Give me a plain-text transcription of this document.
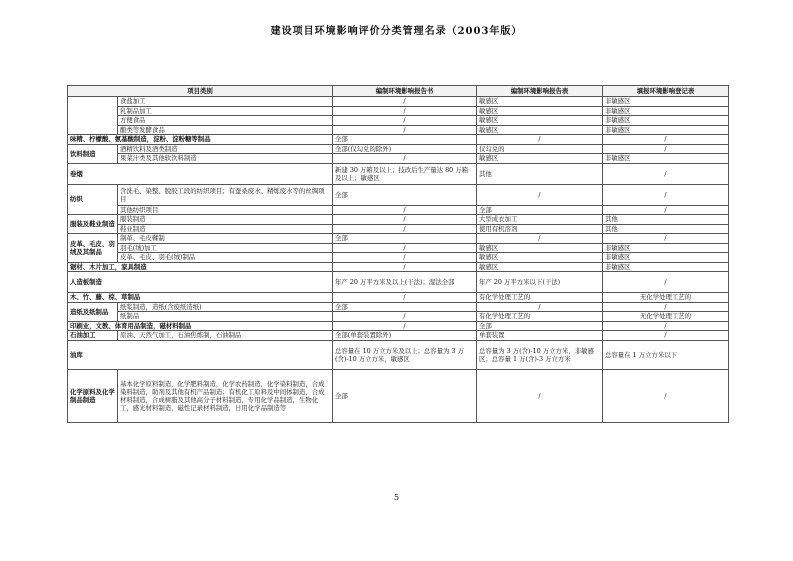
建设项目环境影响评价分类管理名录（2003年版）
项目类别		编制环境影响报告书	编制环境影响报告表	填报环境影响登记表
	食盐加工	/	敏感区	非敏感区
	乳制品加工	/	敏感区	非敏感区
	方便食品	/	敏感区	非敏感区
	酿类等发酵食品	/	敏感区	非敏感区
味精、柠檬酸、氨基酸制造，淀粉、淀粉糖等制品		全部	/	/
饮料制造	酒精饮料及酒类制造	全部(仅勾兑的除外)	仅勾兑的	/
	果菜汁类及其他软饮料制造	/	敏感区	非敏感区
卷烟		新建 30 万箱及以上；技改后生产量达 80 万箱及以上；敏感区	其他	/
纺织	含洗毛、染整、脱胶工段的纺织项目；有蚕桑废水、精炼废水等的丝绸项目	全部	/	/
	其他纺织项目	/	全部	/
服装及鞋业制造	服装制造	/	大型成衣加工	其他
	鞋业制造	/	使用有机溶剂	其他
皮革、毛皮、羽绒及其制品	制革、毛皮鞣制	全部	/	/
	羽毛(绒)加工	/	敏感区	非敏感区
	皮革、毛皮、羽毛(绒)制品	/	敏感区	非敏感区
锯材、木片加工，家具制造		/	敏感区	非敏感区
人造板制造		年产 20 万平方米及以上(干法)；湿法全部	年产 20 万平方米以下(干法)	/
木、竹、藤、棕、草制品		/	有化学处理工艺的	无化学处理工艺的
造纸及纸制品	纸浆制造，造纸(含废纸造纸)	全部	/	/
	纸制品	/	有化学处理工艺的	无化学处理工艺的
印刷业，文教、体育用品制造，磁材料制品		/	全部	/
石油加工	原油、天然气加工，石油焦炼制，石油制品	全部(单套装置除外)	单套装置	/
油库		总容量在 10 万立方米及以上；总容量为 3 万(含)-10 万立方米，敏感区	总容量为 3 万(含)-10 万立方米，非敏感区；总容量 1 万(含)-3 万立方米	总容量在 1 万立方米以下
化学原料及化学制品制造	基本化学原料制造，化学肥料制造，化学农药制造，化学染料制造，合成染料制造，助剂及其他有机产品制造；有机化工原料及中间体制造，合成材料制造，合成树脂及其他高分子材料制造，专用化学品制造，生物化工，感光材料制造，磁性记录材料制造，日用化学品制造等	全部	/	/
5
